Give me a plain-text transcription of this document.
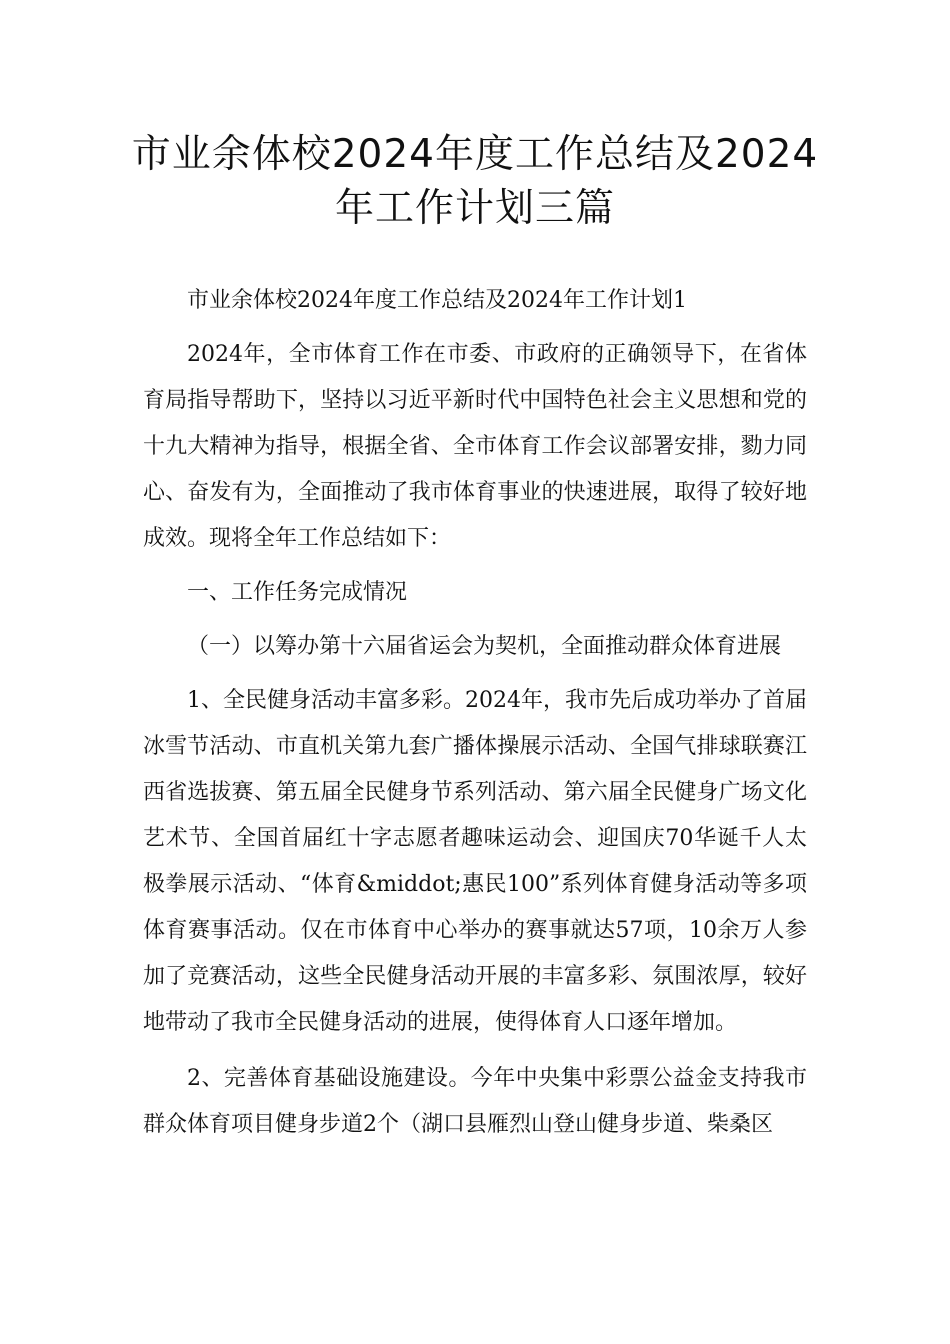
市业余体校2024年度工作总结及2024
年工作计划三篇

市业余体校2024年度工作总结及2024年工作计划1

2024年，全市体育工作在市委、市政府的正确领导下，在省体育局指导帮助下，坚持以习近平新时代中国特色社会主义思想和党的十九大精神为指导，根据全省、全市体育工作会议部署安排，勠力同心、奋发有为，全面推动了我市体育事业的快速进展，取得了较好地成效。现将全年工作总结如下：

一、工作任务完成情况

（一）以筹办第十六届省运会为契机，全面推动群众体育进展

1、全民健身活动丰富多彩。2024年，我市先后成功举办了首届冰雪节活动、市直机关第九套广播体操展示活动、全国气排球联赛江西省选拔赛、第五届全民健身节系列活动、第六届全民健身广场文化艺术节、全国首届红十字志愿者趣味运动会、迎国庆70华诞千人太极拳展示活动、“体育&middot;惠民100”系列体育健身活动等多项体育赛事活动。仅在市体育中心举办的赛事就达57项，10余万人参加了竞赛活动，这些全民健身活动开展的丰富多彩、氛围浓厚，较好地带动了我市全民健身活动的进展，使得体育人口逐年增加。

2、完善体育基础设施建设。今年中央集中彩票公益金支持我市群众体育项目健身步道2个（湖口县雁烈山登山健身步道、柴桑区
